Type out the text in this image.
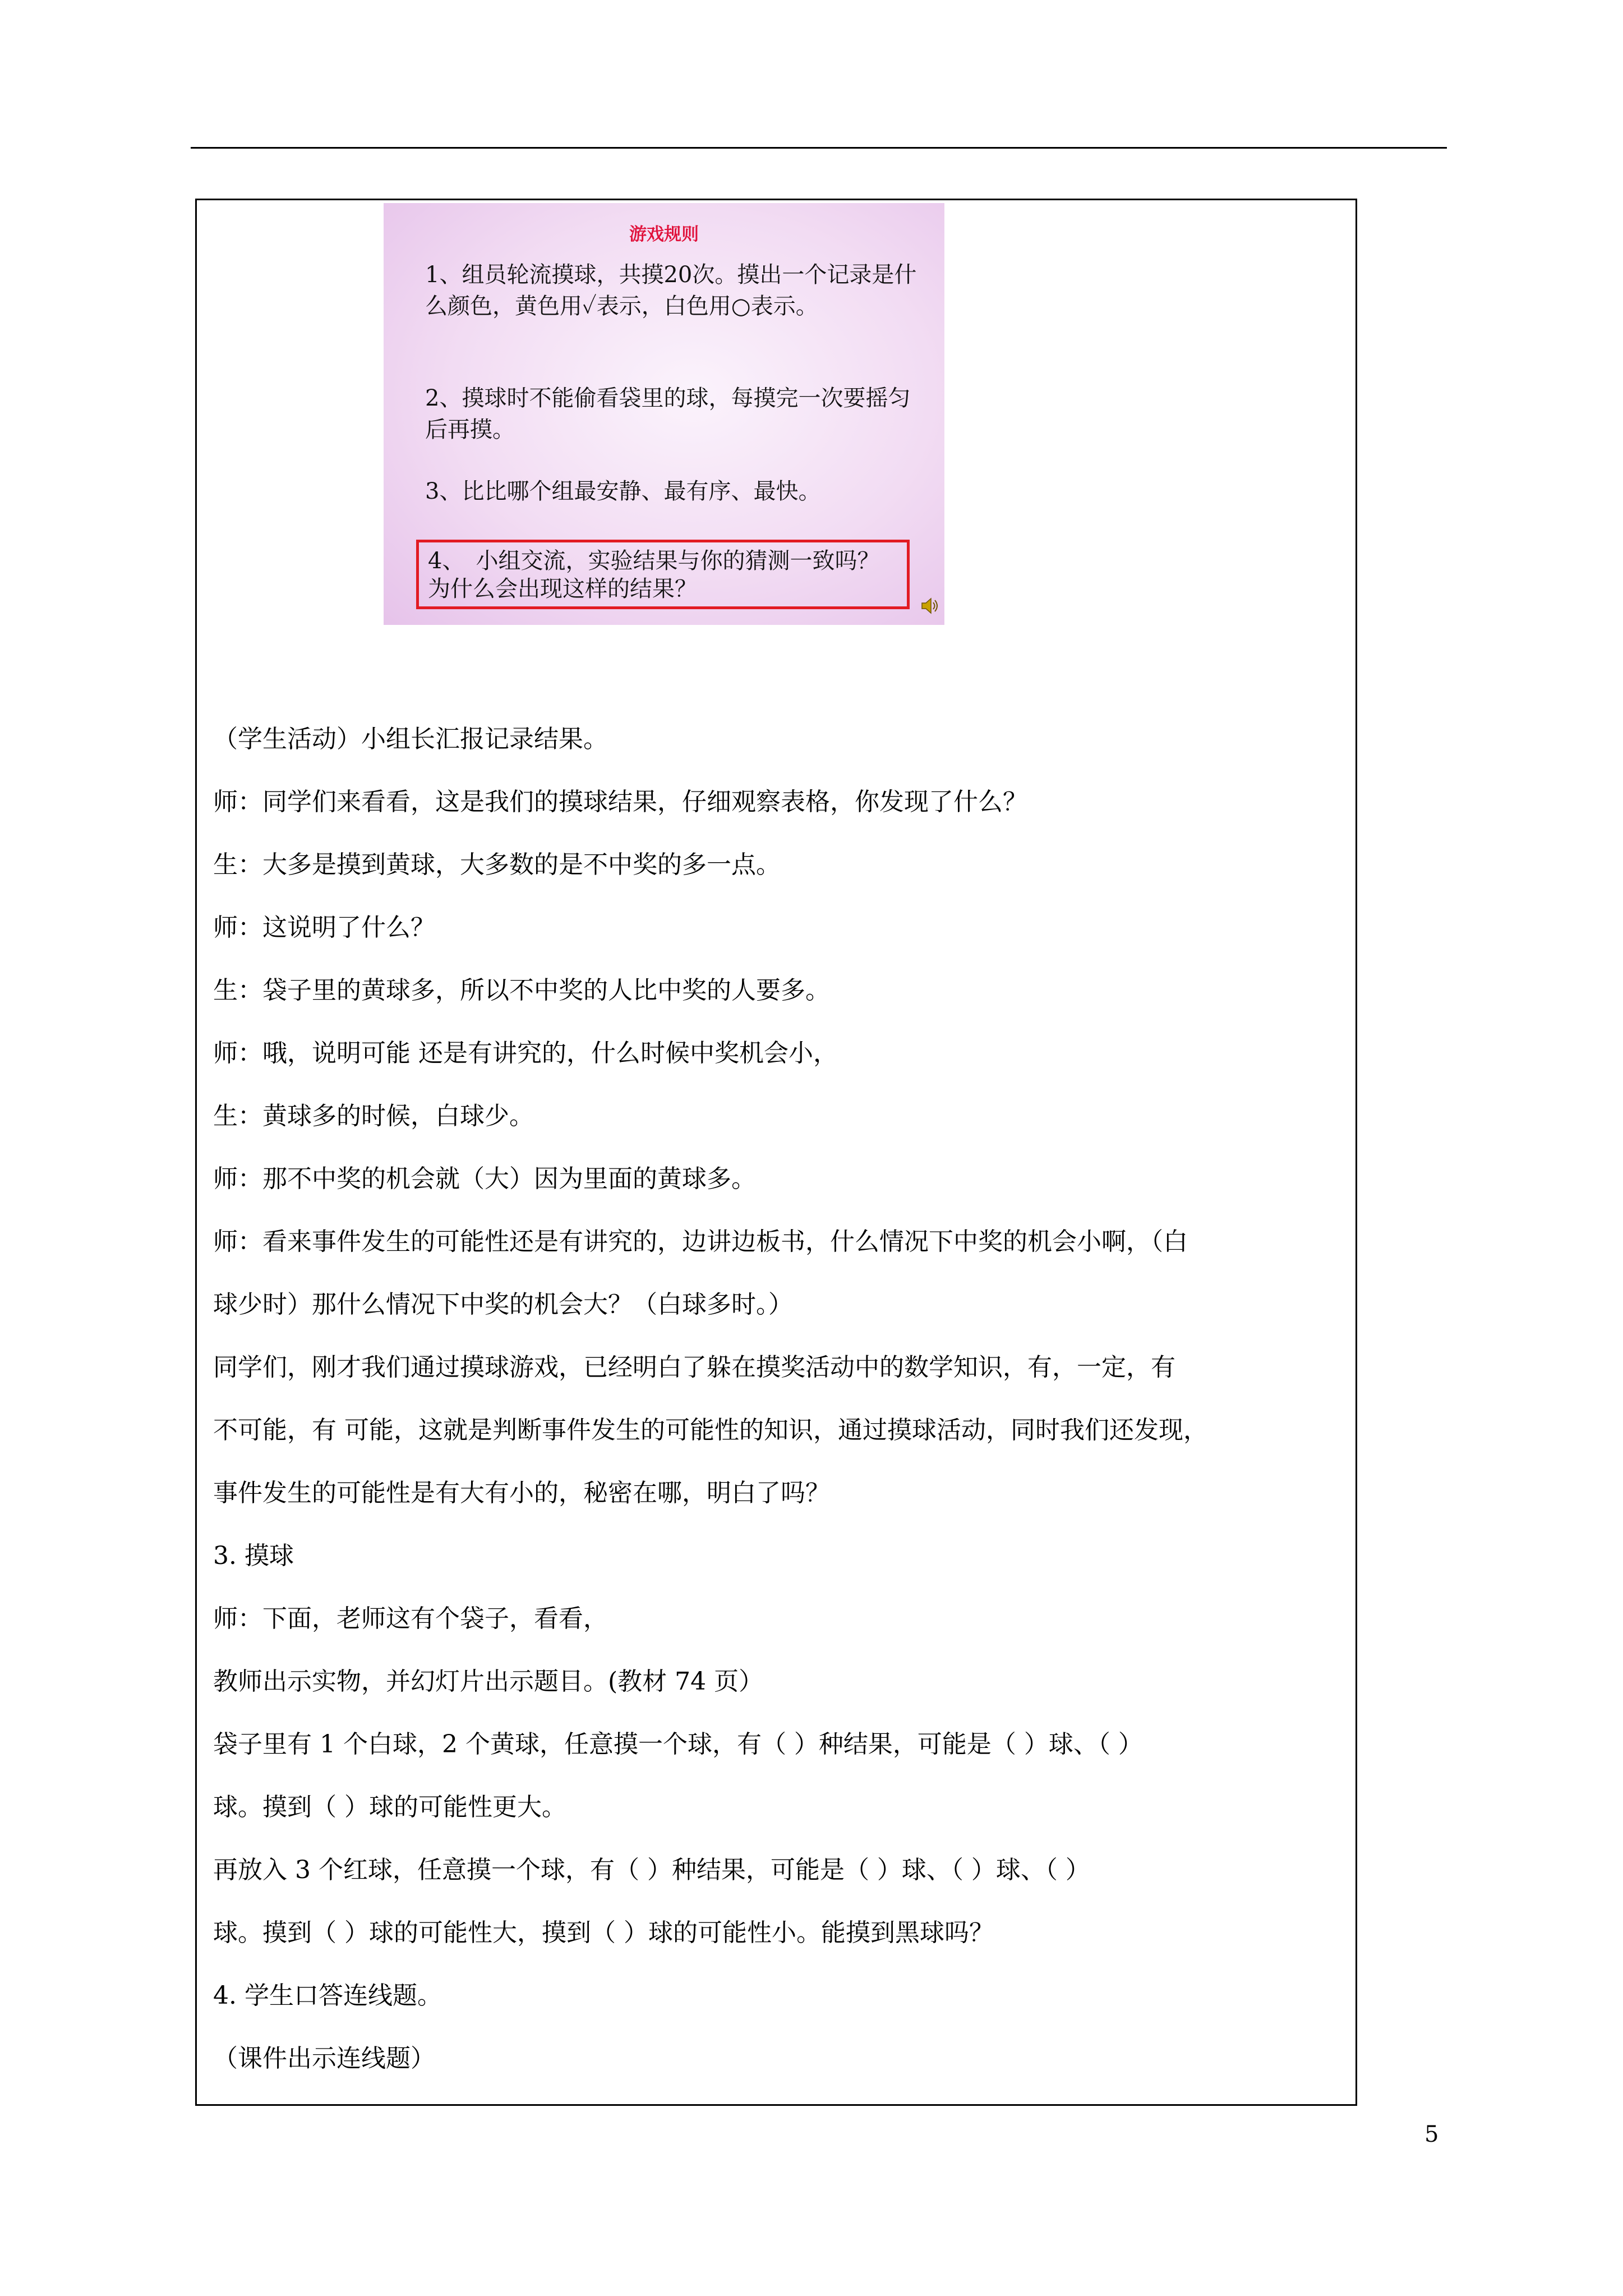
游戏规则
1、组员轮流摸球，共摸20次。摸出一个记录是什么颜色，黄色用✓表示，白色用○表示。
2、摸球时不能偷看袋里的球，每摸完一次要摇匀后再摸。
3、比比哪个组最安静、最有序、最快。
4、　小组交流，实验结果与你的猜测一致吗？为什么会出现这样的结果？

（学生活动）小组长汇报记录结果。

师：同学们来看看，这是我们的摸球结果，仔细观察表格，你发现了什么？

生：大多是摸到黄球，大多数的是不中奖的多一点。

师：这说明了什么？

生：袋子里的黄球多，所以不中奖的人比中奖的人要多。

师：哦，说明可能 还是有讲究的，什么时候中奖机会小，

生：黄球多的时候，白球少。

师：那不中奖的机会就（大）因为里面的黄球多。

师：看来事件发生的可能性还是有讲究的，边讲边板书，什么情况下中奖的机会小啊，（白

球少时）那什么情况下中奖的机会大？（白球多时。）

同学们，刚才我们通过摸球游戏，已经明白了躲在摸奖活动中的数学知识，有，一定，有

不可能，有 可能，这就是判断事件发生的可能性的知识，通过摸球活动，同时我们还发现，

事件发生的可能性是有大有小的，秘密在哪，明白了吗？

3. 摸球

师：下面，老师这有个袋子，看看，

教师出示实物，并幻灯片出示题目。(教材 74 页）

袋子里有 1 个白球，2 个黄球，任意摸一个球，有（ ）种结果，可能是（ ）球、（ ）

球。摸到（ ）球的可能性更大。

再放入 3 个红球，任意摸一个球，有（ ）种结果，可能是（ ）球、（ ）球、（ ）

球。摸到（ ）球的可能性大，摸到（ ）球的可能性小。能摸到黑球吗？

4. 学生口答连线题。

（课件出示连线题）

5
